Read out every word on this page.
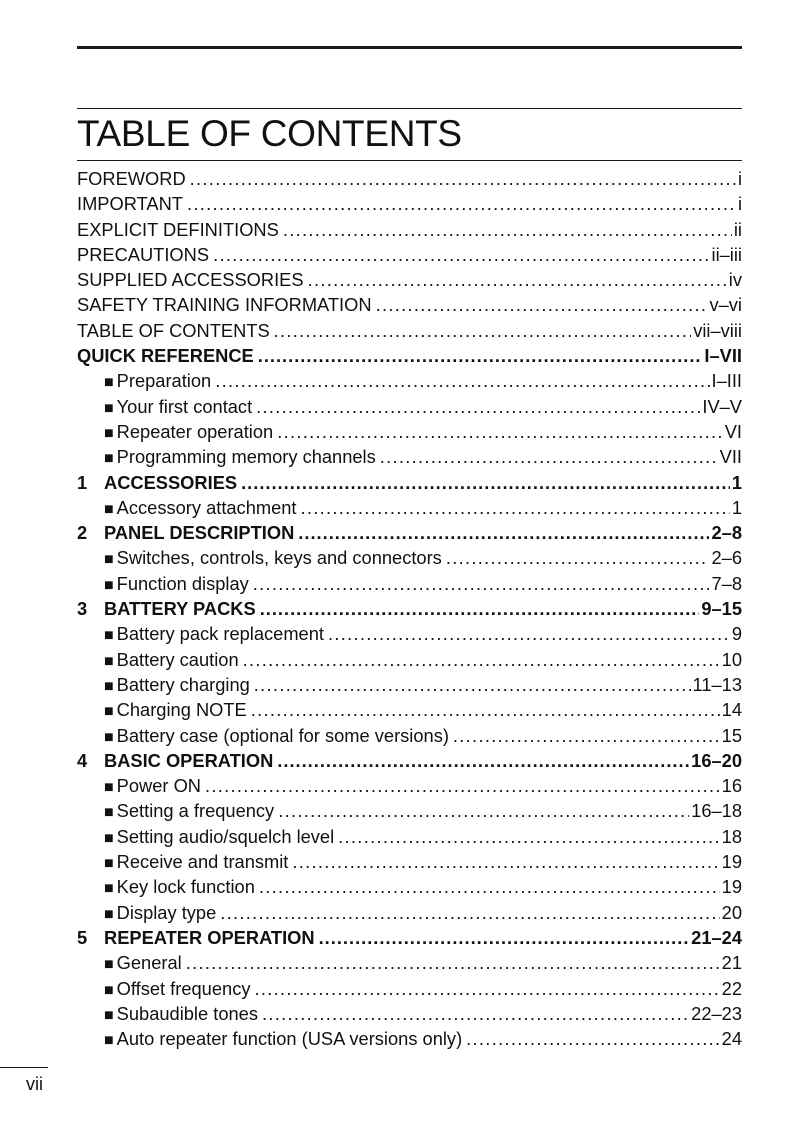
TABLE OF CONTENTS
FOREWORD .....	i
IMPORTANT .....	i
EXPLICIT DEFINITIONS .....	ii
PRECAUTIONS .....	ii–iii
SUPPLIED ACCESSORIES .....	iv
SAFETY TRAINING INFORMATION .....	v–vi
TABLE OF CONTENTS .....	vii–viii
QUICK REFERENCE .....	I–VII
■ Preparation .....	I–III
■ Your first contact .....	IV–V
■ Repeater operation .....	VI
■ Programming memory channels .....	VII
1 ACCESSORIES .....	1
■ Accessory attachment .....	1
2 PANEL DESCRIPTION .....	2–8
■ Switches, controls, keys and connectors .....	2–6
■ Function display .....	7–8
3 BATTERY PACKS .....	9–15
■ Battery pack replacement .....	9
■ Battery caution .....	10
■ Battery charging .....	11–13
■ Charging NOTE .....	14
■ Battery case (optional for some versions) .....	15
4 BASIC OPERATION .....	16–20
■ Power ON .....	16
■ Setting a frequency .....	16–18
■ Setting audio/squelch level .....	18
■ Receive and transmit .....	19
■ Key lock function .....	19
■ Display type .....	20
5 REPEATER OPERATION .....	21–24
■ General .....	21
■ Offset frequency .....	22
■ Subaudible tones .....	22–23
■ Auto repeater function (USA versions only) .....	24
vii
